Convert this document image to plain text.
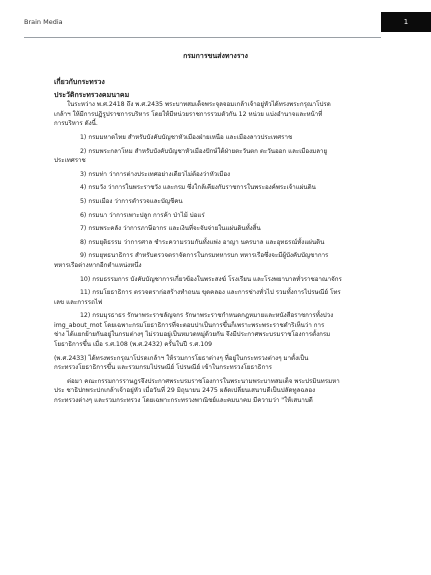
Brain Media	1
กรมการขนส่งทางราง
เกี่ยวกับกระทรวง
ประวัติกระทรวงคมนาคม

ในระหว่าง พ.ศ.2418 ถึง พ.ศ.2435 พระบาทสมเด็จพระจุลจอมเกล้าเจ้าอยู่หัวได้ทรงพระกรุณาโปรด

เกล้าฯ ให้มีการปฏิรูปราชการบริหาร โดยให้มีหน่วยราชการรวมตัวกัน 12 หน่วย แบ่งอำนาจและหน้าที่

การบริหาร ดังนี้.

1) กรมมหาดไทย สำหรับบังคับบัญชาหัวเมืองฝ่ายเหนือ และเมืองลาวประเทศราช

2) กรมพระกลาโหม สำหรับบังคับบัญชาหัวเมืองปักษ์ใต้ฝ่ายตะวันตก ตะวันออก และเมืองมลายู

ประเทศราช

3) กรมท่า ว่าการต่างประเทศอย่างเดียวไม่ต้องว่าหัวเมือง

4) กรมวัง ว่าการในพระราชวัง และกรม ซึ่งใกล้เคียงกับราชการในพระองค์พระเจ้าแผ่นดิน

5) กรมเมือง ว่าการตำรวจและบัญชีคน

6) กรมนา ว่าการเพาะปลูก การค้า ป่าไม้ บ่อแร่

7) กรมพระคลัง ว่าการภาษีอากร และเงินที่จะจับจ่ายในแผ่นดินทั้งสิ้น

8) กรมยุติธรรม ว่าการศาล ชำระความรวมกันทั้งแพ่ง อาญา นครบาล และอุทธรณ์ทั้งแผ่นดิน

9) กรมยุทธนาธิการ สำหรับตรวจตราจัดการในกรมทหารบก ทหารเรือซึ่งจะมีผู้บังคับบัญชาการ

ทหารเรือต่างหากอีกตำแหน่งหนึ่ง

10) กรมธรรมการ บังคับบัญชาการเกี่ยวข้องในพระสงฆ์ โรงเรียน และโรงพยาบาลทั่วราชอาณาจักร

11) กรมโยธาธิการ ตรวจตราก่อสร้างทำถนน ขุดคลอง และการช่างทั่วไป รวมทั้งการไปรษณีย์ โทร

เลข และการรถไฟ

12) กรมมุรธาธร รักษาพระราชลัญจกร รักษาพระราชกำหนดกฎหมายและหนังสือราชการทั้งปวง

img_about_mot โดยเฉพาะกรมโยธาธิการที่จะตอบปาเป็นการขึ้นก็เพราะพระพระราชดำริเห็นว่า การ

ช่าง ได้แยกย้ายกันอยู่ในกรมต่างๆ ไม่รวมอยู่เป็นหมวดหมู่ด้วยกัน จึงมีประกาศพระบรมราชโองการตั้งกรม

โยธาธิการขึ้น เมื่อ ร.ศ.108 (พ.ศ.2432) ครั้นในปี ร.ศ.109

(พ.ศ.2433) ได้ทรงพระกรุณาโปรดเกล้าฯ ให้รวมการโยธาต่างๆ ที่อยู่ในกระทรวงต่างๆ มาตั้งเป็น

กระทรวงโยธาธิการขึ้น และรวมกรมไปรษณีย์ โปรษณีย์ เข้าในกระทรวงโยธาธิการ

ต่อมา คณะกรรมการราษฎรจึงประกาศพระบรมราชโองการในพระนามพระบาทสมเด็จ พระปรมินทรมหา

ประ ชาธิปกพระปกเกล้าเจ้าอยู่หัว เมื่อวันที่ 29 มิถุนายน 2475 ผลัดเปลี่ยนเสนาบดีเป็นปลัดทูลฉลอง

กระทรวงต่างๆ และรวมกระทรวง โดยเฉพาะกระทรวงพาณิชย์และคมนาคม มีความว่า "ให้เสนาบดี
